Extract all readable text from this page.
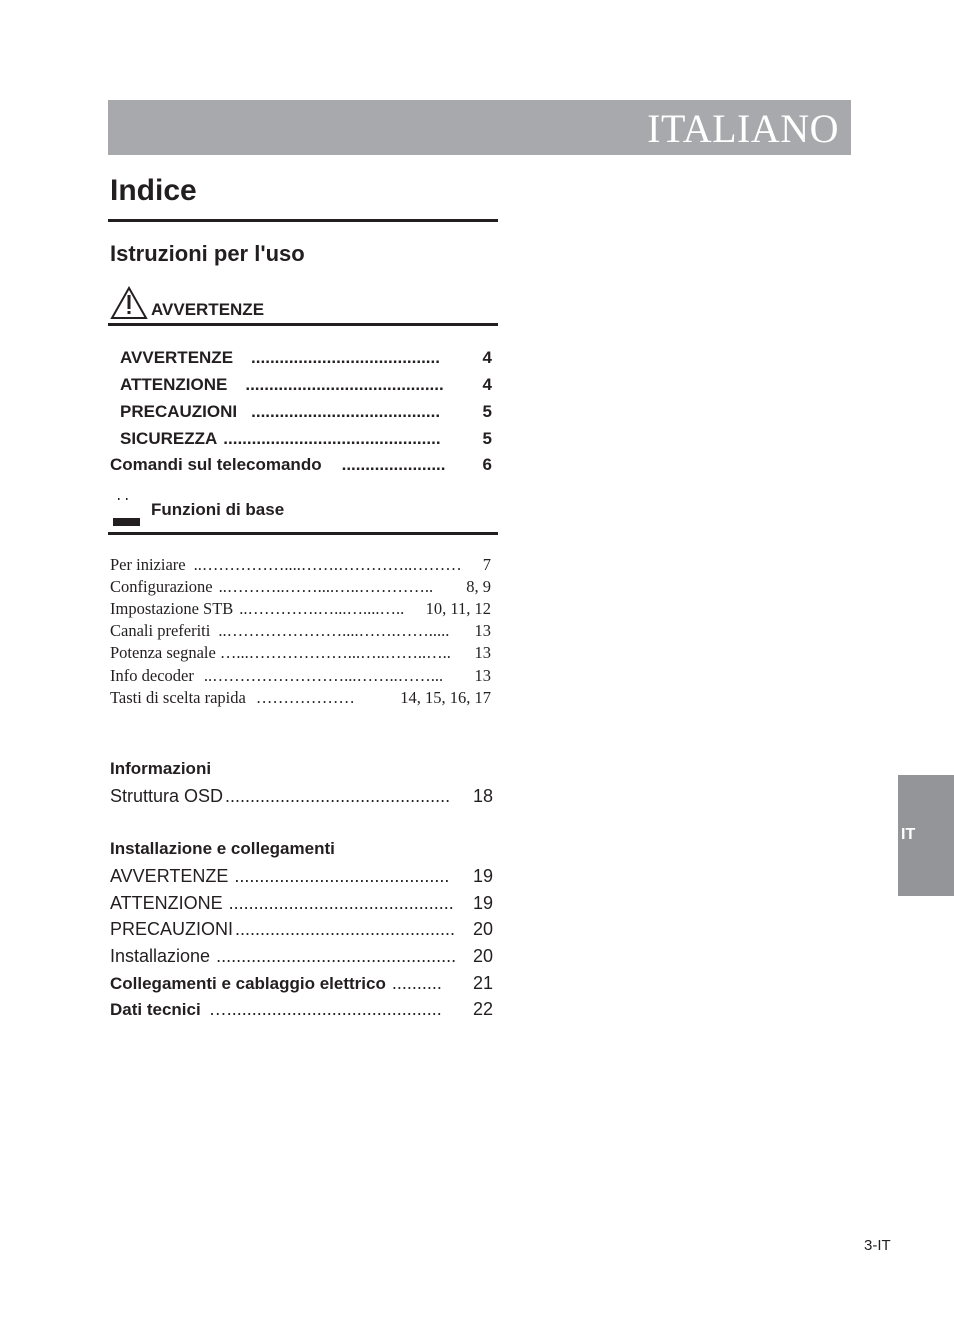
ITALIANO
Indice
Istruzioni per l'uso
AVVERTENZE
AVVERTENZE ........................................	4
ATTENZIONE ..........................................	4
PRECAUZIONI ........................................	5
SICUREZZA ..............................................	5
Comandi sul telecomando ......................	6
Funzioni di base
Per iniziare ..……………....…….…………..………	7
Configurazione ..………..……....…..…………..	8, 9
Impostazione STB ..………….…...…....…..	10, 11, 12
Canali preferiti ..…………………....…….…….....	13
Potenza segnale …...………………...…..……..…..	13
Info decoder ..……………………...……..……...	13
Tasti di scelta rapida ………………	14, 15, 16, 17
Informazioni
Struttura OSD .............................................	18
Installazione e collegamenti
AVVERTENZE ...........................................	19
ATTENZIONE .............................................	19
PRECAUZIONI ............................................ 20
Installazione ................................................ 20
Collegamenti e cablaggio elettrico ..........	21
Dati tecnici …...........................................	22
IT
3-IT
